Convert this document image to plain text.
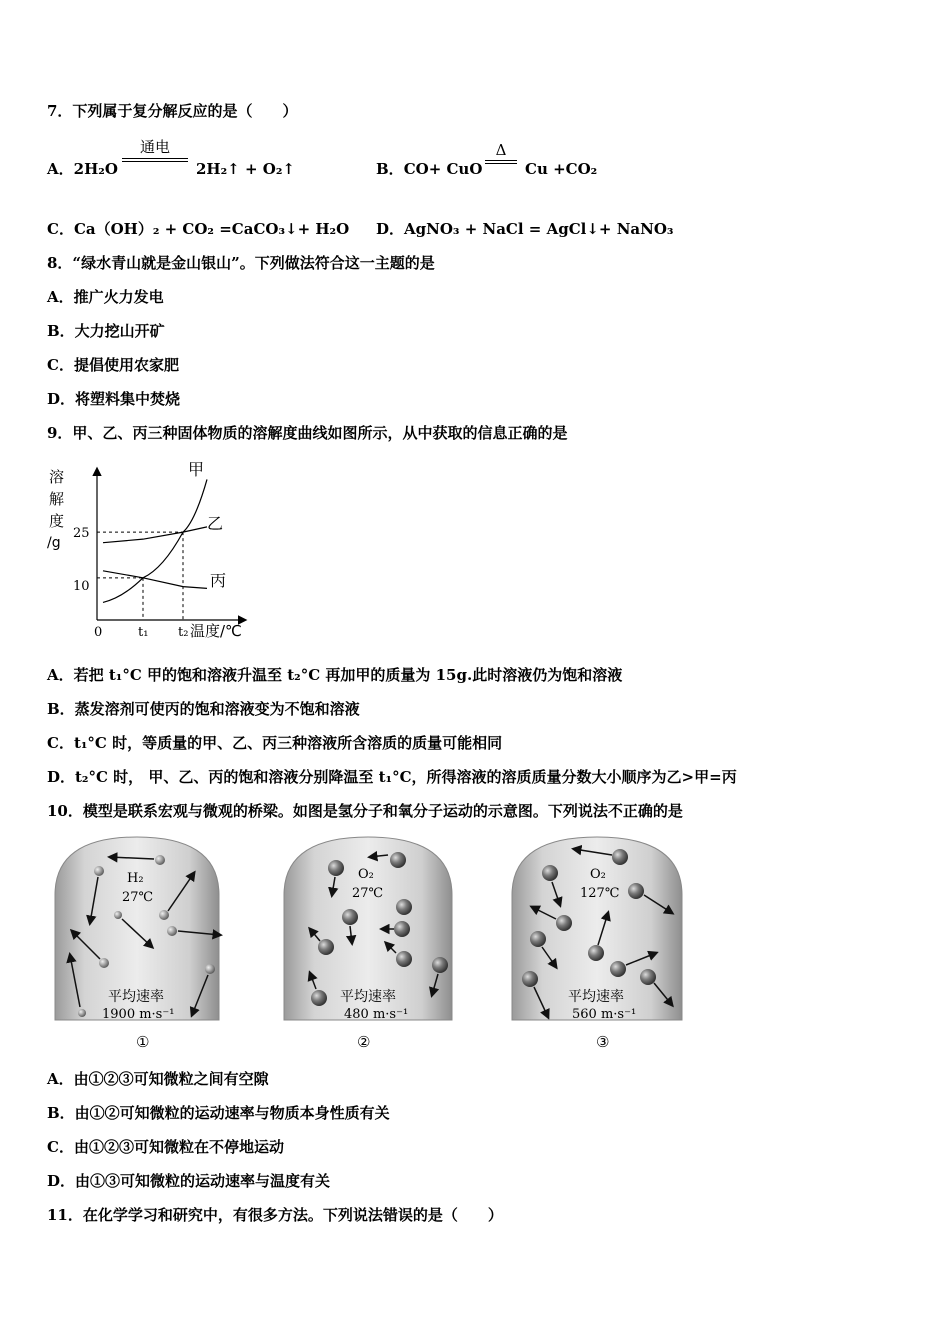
7．下列属于复分解反应的是（　　）
A．2H₂O
通电
2H₂↑ + O₂↑	B．CO+ CuO
Δ
Cu +CO₂
C．Ca（OH）₂ + CO₂ =CaCO₃↓+ H₂O D．AgNO₃ + NaCl = AgCl↓+ NaNO₃
8．“绿水青山就是金山银山”。下列做法符合这一主题的是
A．推广火力发电
B．大力挖山开矿
C．提倡使用农家肥
D．将塑料集中焚烧
9．甲、乙、丙三种固体物质的溶解度曲线如图所示，从中获取的信息正确的是
溶
解
度
/g
0	t₁ t₂
10
25
甲
乙
丙
温度/℃
A．若把 t₁°C 甲的饱和溶液升温至 t₂°C 再加甲的质量为 15g.此时溶液仍为饱和溶液
B．蒸发溶剂可使丙的饱和溶液变为不饱和溶液
C．t₁°C 时，等质量的甲、乙、丙三种溶液所含溶质的质量可能相同
D．t₂°C 时， 甲、乙、丙的饱和溶液分别降温至 t₁°C，所得溶液的溶质质量分数大小顺序为乙>甲=丙
10．模型是联系宏观与微观的桥梁。如图是氢分子和氧分子运动的示意图。下列说法不正确的是
H₂
27℃
平均速率
1900 m·s⁻¹
①
O₂
27℃
平均速率
480 m·s⁻¹
②
O₂
127℃
平均速率
560 m·s⁻¹
③
A．由①②③可知微粒之间有空隙
B．由①②可知微粒的运动速率与物质本身性质有关
C．由①②③可知微粒在不停地运动
D．由①③可知微粒的运动速率与温度有关
11．在化学学习和研究中，有很多方法。下列说法错误的是（　　）
